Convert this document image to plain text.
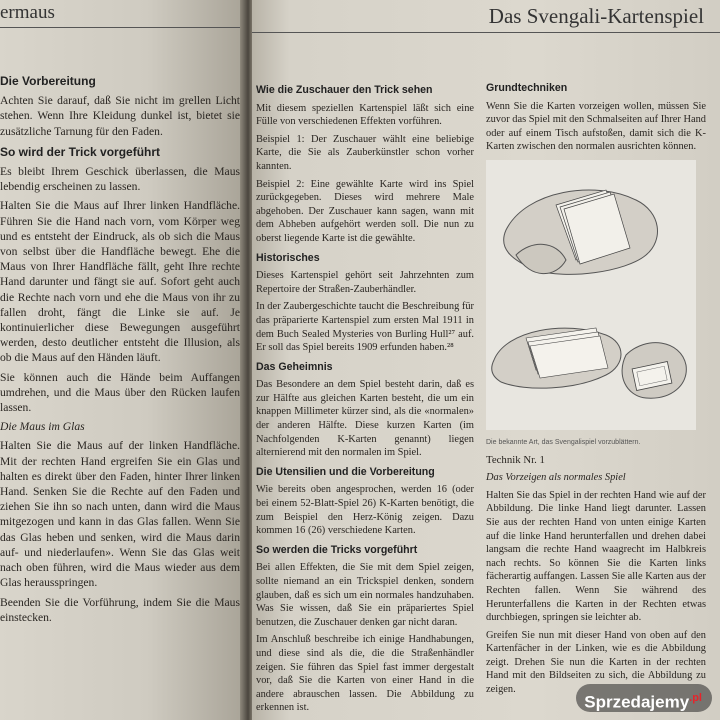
ermaus
Die Vorbereitung

Achten Sie darauf, daß Sie nicht im grellen Licht stehen. Wenn Ihre Kleidung dunkel ist, bietet sie zusätzliche Tarnung für den Faden.

So wird der Trick vorgeführt

Es bleibt Ihrem Geschick überlassen, die Maus lebendig erscheinen zu lassen.

Halten Sie die Maus auf Ihrer linken Handfläche. Führen Sie die Hand nach vorn, vom Körper weg und es entsteht der Eindruck, als ob sich die Maus von selbst über die Handfläche bewegt. Ehe die Maus von Ihrer Handfläche fällt, geht Ihre rechte Hand darunter und fängt sie auf. Sofort geht auch die Rechte nach vorn und ehe die Maus von ihr zu fallen droht, fängt die Linke sie auf. Je kontinuierlicher diese Bewegungen ausgeführt werden, desto deutlicher entsteht die Illusion, als ob die Maus auf den Händen läuft.

Sie können auch die Hände beim Auffangen umdrehen, und die Maus über den Rücken laufen lassen.

Die Maus im Glas

Halten Sie die Maus auf der linken Handfläche. Mit der rechten Hand ergreifen Sie ein Glas und halten es direkt über den Faden, hinter Ihrer linken Hand. Senken Sie die Rechte auf den Faden und ziehen Sie ihn so nach unten, dann wird die Maus mitgezogen und kann in das Glas fallen. Wenn Sie das Glas heben und senken, wird die Maus darin auf- und niederlaufen». Wenn Sie das Glas weit nach oben führen, wird die Maus wieder aus dem Glas herausspringen.

Beenden Sie die Vorführung, indem Sie die Maus einstecken.

Das Svengali-Kartenspiel
Wie die Zuschauer den Trick sehen

Mit diesem speziellen Kartenspiel läßt sich eine Fülle von verschiedenen Effekten vorführen.

Beispiel 1: Der Zuschauer wählt eine beliebige Karte, die Sie als Zauberkünstler schon vorher kannten.

Beispiel 2: Eine gewählte Karte wird ins Spiel zurückgegeben. Dieses wird mehrere Male abgehoben. Der Zuschauer kann sagen, wann mit dem Abheben aufgehört werden soll. Die nun zu oberst liegende Karte ist die gewählte.

Historisches

Dieses Kartenspiel gehört seit Jahrzehnten zum Repertoire der Straßen-Zauberhändler.

In der Zaubergeschichte taucht die Beschreibung für das präparierte Kartenspiel zum ersten Mal 1911 in dem Buch Sealed Mysteries von Burling Hull²⁷ auf. Er soll das Spiel bereits 1909 erfunden haben.²⁸

Das Geheimnis

Das Besondere an dem Spiel besteht darin, daß es zur Hälfte aus gleichen Karten besteht, die um ein knappen Millimeter kürzer sind, als die «normalen» der anderen Hälfte. Diese kurzen Karten (im Nachfolgenden K-Karten genannt) liegen alternierend mit den normalen im Spiel.

Die Utensilien und die Vorbereitung

Wie bereits oben angesprochen, werden 16 (oder bei einem 52-Blatt-Spiel 26) K-Karten benötigt, die zum Beispiel den Herz-König zeigen. Dazu kommen 16 (26) verschiedene Karten.

So werden die Tricks vorgeführt

Bei allen Effekten, die Sie mit dem Spiel zeigen, sollte niemand an ein Trickspiel denken, sondern glauben, daß es sich um ein normales handzuhaben. Was Sie wissen, daß Sie ein präpariertes Spiel benutzen, die Zuschauer denken gar nicht daran.

Im Anschluß beschreibe ich einige Handhabungen, und diese sind als die, die die Straßenhändler zeigen. Sie führen das Spiel fast immer dergestalt vor, daß Sie die Karten von einer Hand in die andere abrauschen lassen. Die Abbildung zu erkennen ist.

Grundtechniken

Wenn Sie die Karten vorzeigen wollen, müssen Sie zuvor das Spiel mit den Schmalseiten auf Ihrer Hand oder auf einem Tisch aufstoßen, damit sich die K-Karten zwischen den normalen ausrichten können.

Die bekannte Art, das Svengalispiel vorzublättern.

Technik Nr. 1

Das Vorzeigen als normales Spiel

Halten Sie das Spiel in der rechten Hand wie auf der Abbildung. Die linke Hand liegt darunter. Lassen Sie aus der rechten Hand von unten einige Karten auf die linke Hand herunterfallen und drehen dabei langsam die rechte Hand waagrecht im Halbkreis nach rechts. So können Sie die Karten links fächerartig auffangen. Lassen Sie alle Karten aus der Rechten fallen. Wenn Sie während des Herunterfallens die Karten in der Rechten etwas durchbiegen, springen sie leichter ab.

Greifen Sie nun mit dieser Hand von oben auf den Kartenfächer in der Linken, wie es die Abbildung zeigt. Drehen Sie nun die Karten in der rechten Hand mit den Bildseiten zu sich, die Abbildung zu zeigen.

Sprzedajemy$^{.pl}$
